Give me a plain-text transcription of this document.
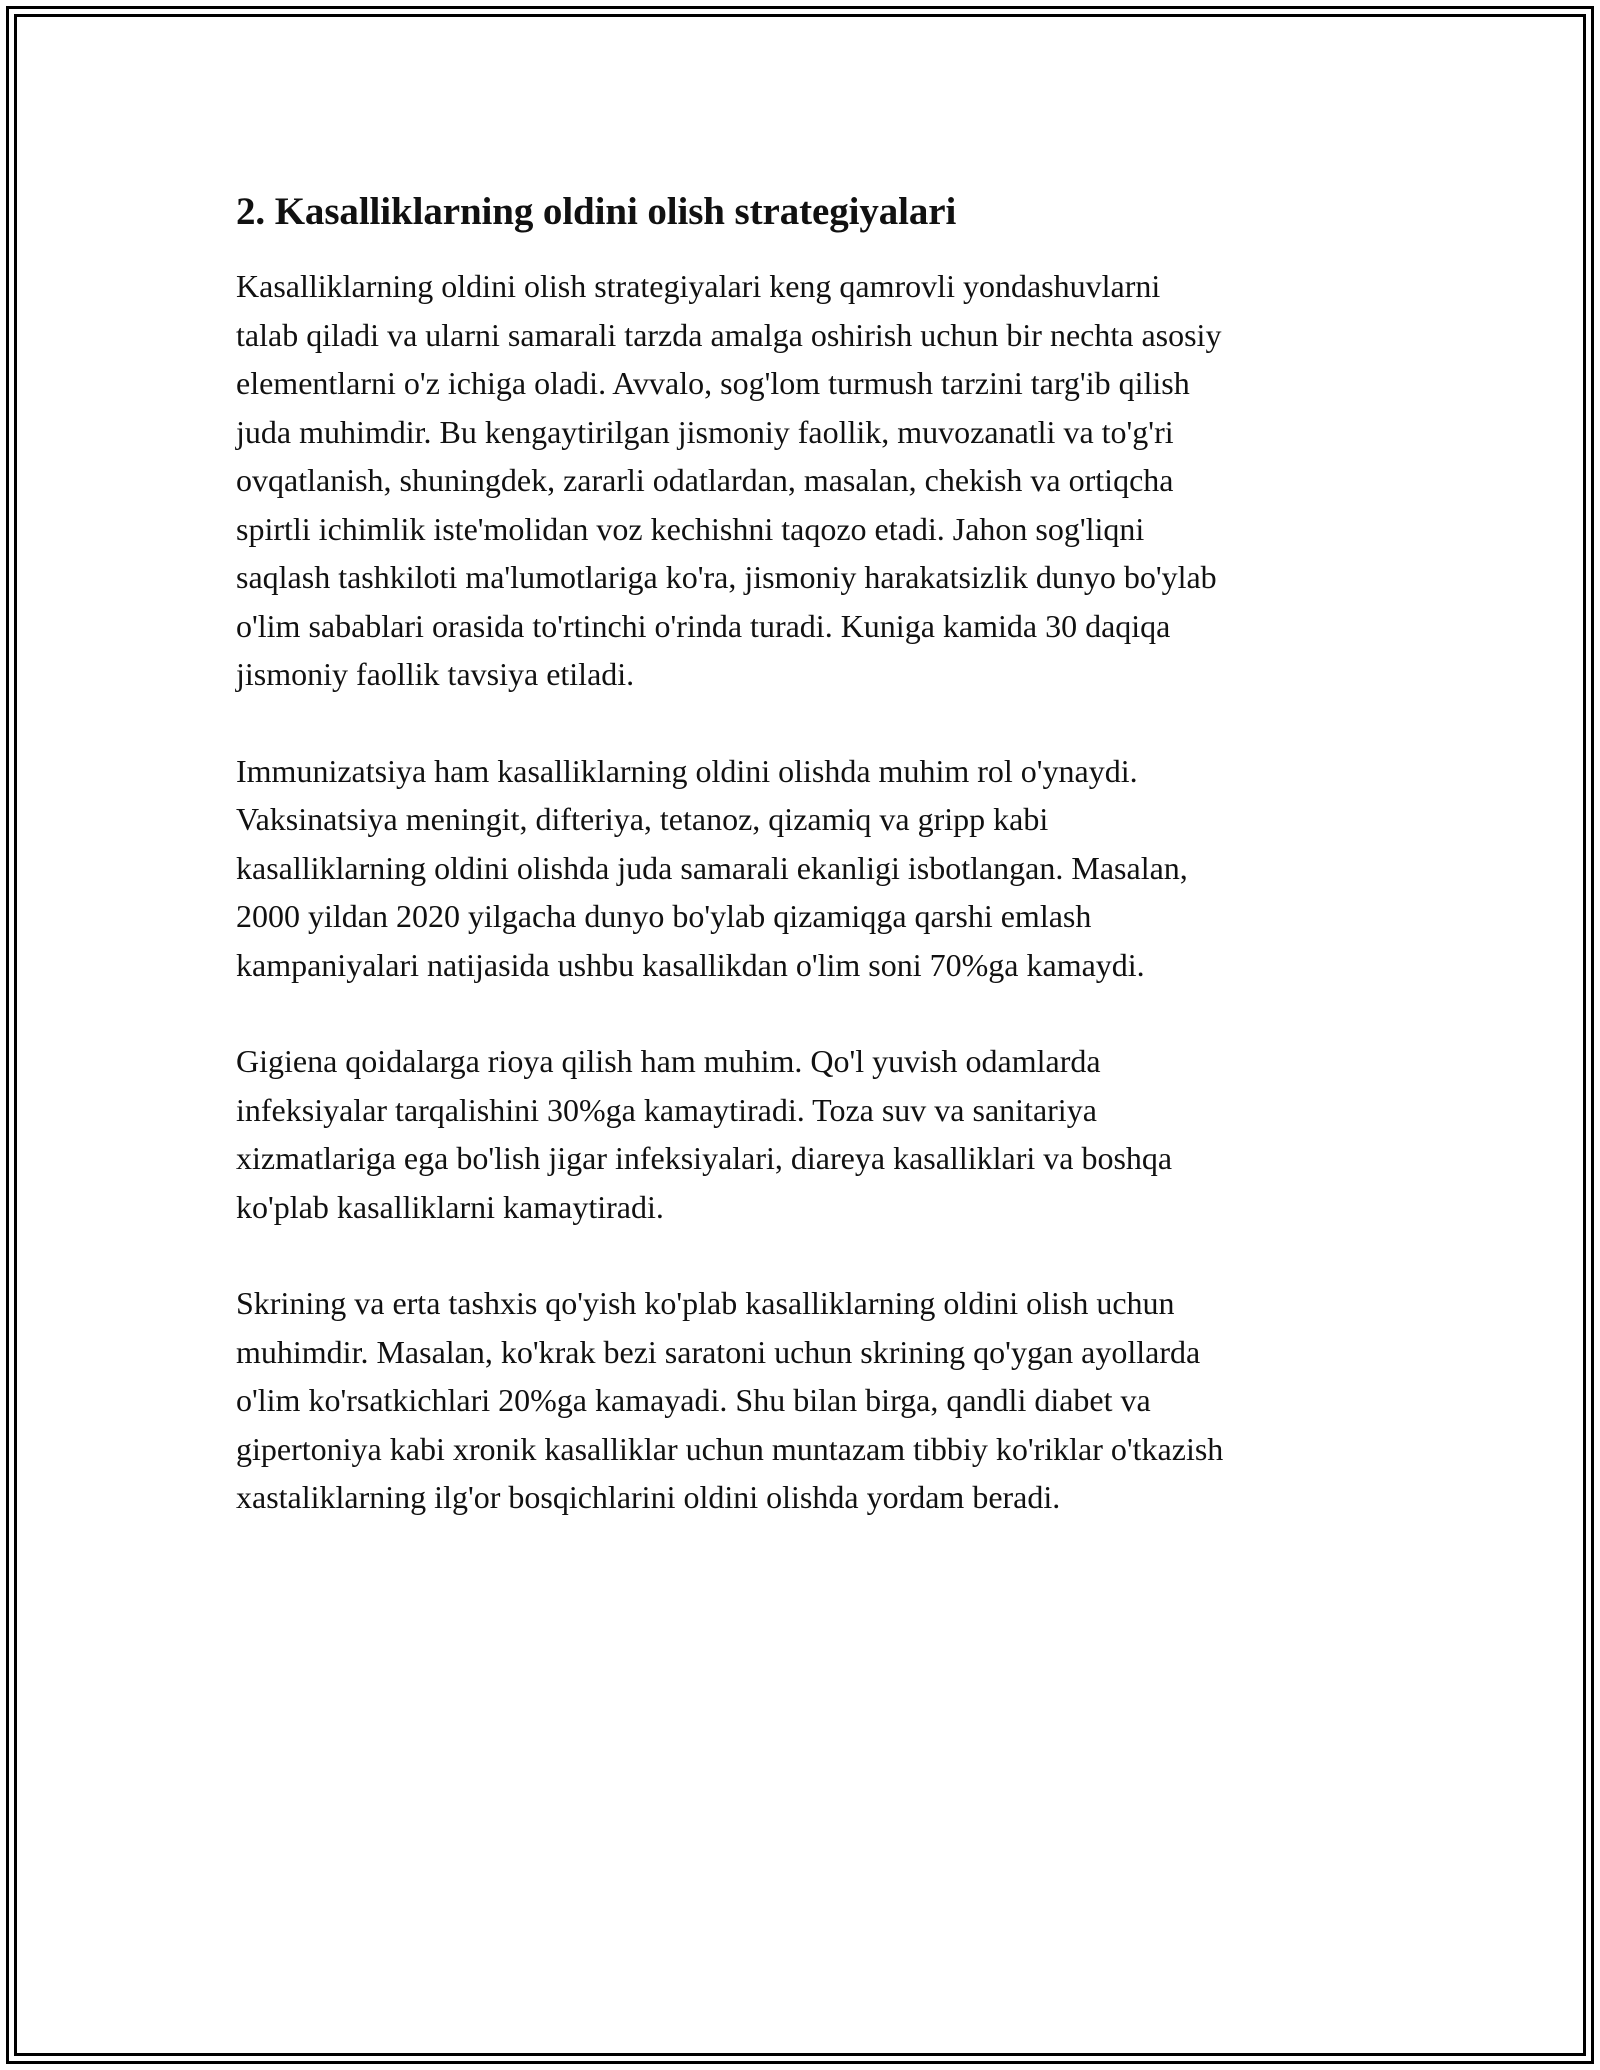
2. Kasalliklarning oldini olish strategiyalari
Kasalliklarning oldini olish strategiyalari keng qamrovli yondashuvlarni
talab qiladi va ularni samarali tarzda amalga oshirish uchun bir nechta asosiy
elementlarni o'z ichiga oladi. Avvalo, sog'lom turmush tarzini targ'ib qilish
juda muhimdir. Bu kengaytirilgan jismoniy faollik, muvozanatli va to'g'ri
ovqatlanish, shuningdek, zararli odatlardan, masalan, chekish va ortiqcha
spirtli ichimlik iste'molidan voz kechishni taqozo etadi. Jahon sog'liqni
saqlash tashkiloti ma'lumotlariga ko'ra, jismoniy harakatsizlik dunyo bo'ylab
o'lim sabablari orasida to'rtinchi o'rinda turadi. Kuniga kamida 30 daqiqa
jismoniy faollik tavsiya etiladi.
Immunizatsiya ham kasalliklarning oldini olishda muhim rol o'ynaydi.
Vaksinatsiya meningit, difteriya, tetanoz, qizamiq va gripp kabi
kasalliklarning oldini olishda juda samarali ekanligi isbotlangan. Masalan,
2000 yildan 2020 yilgacha dunyo bo'ylab qizamiqga qarshi emlash
kampaniyalari natijasida ushbu kasallikdan o'lim soni 70%ga kamaydi.
Gigiena qoidalarga rioya qilish ham muhim. Qo'l yuvish odamlarda
infeksiyalar tarqalishini 30%ga kamaytiradi. Toza suv va sanitariya
xizmatlariga ega bo'lish jigar infeksiyalari, diareya kasalliklari va boshqa
ko'plab kasalliklarni kamaytiradi.
Skrining va erta tashxis qo'yish ko'plab kasalliklarning oldini olish uchun
muhimdir. Masalan, ko'krak bezi saratoni uchun skrining qo'ygan ayollarda
o'lim ko'rsatkichlari 20%ga kamayadi. Shu bilan birga, qandli diabet va
gipertoniya kabi xronik kasalliklar uchun muntazam tibbiy ko'riklar o'tkazish
xastaliklarning ilg'or bosqichlarini oldini olishda yordam beradi.
